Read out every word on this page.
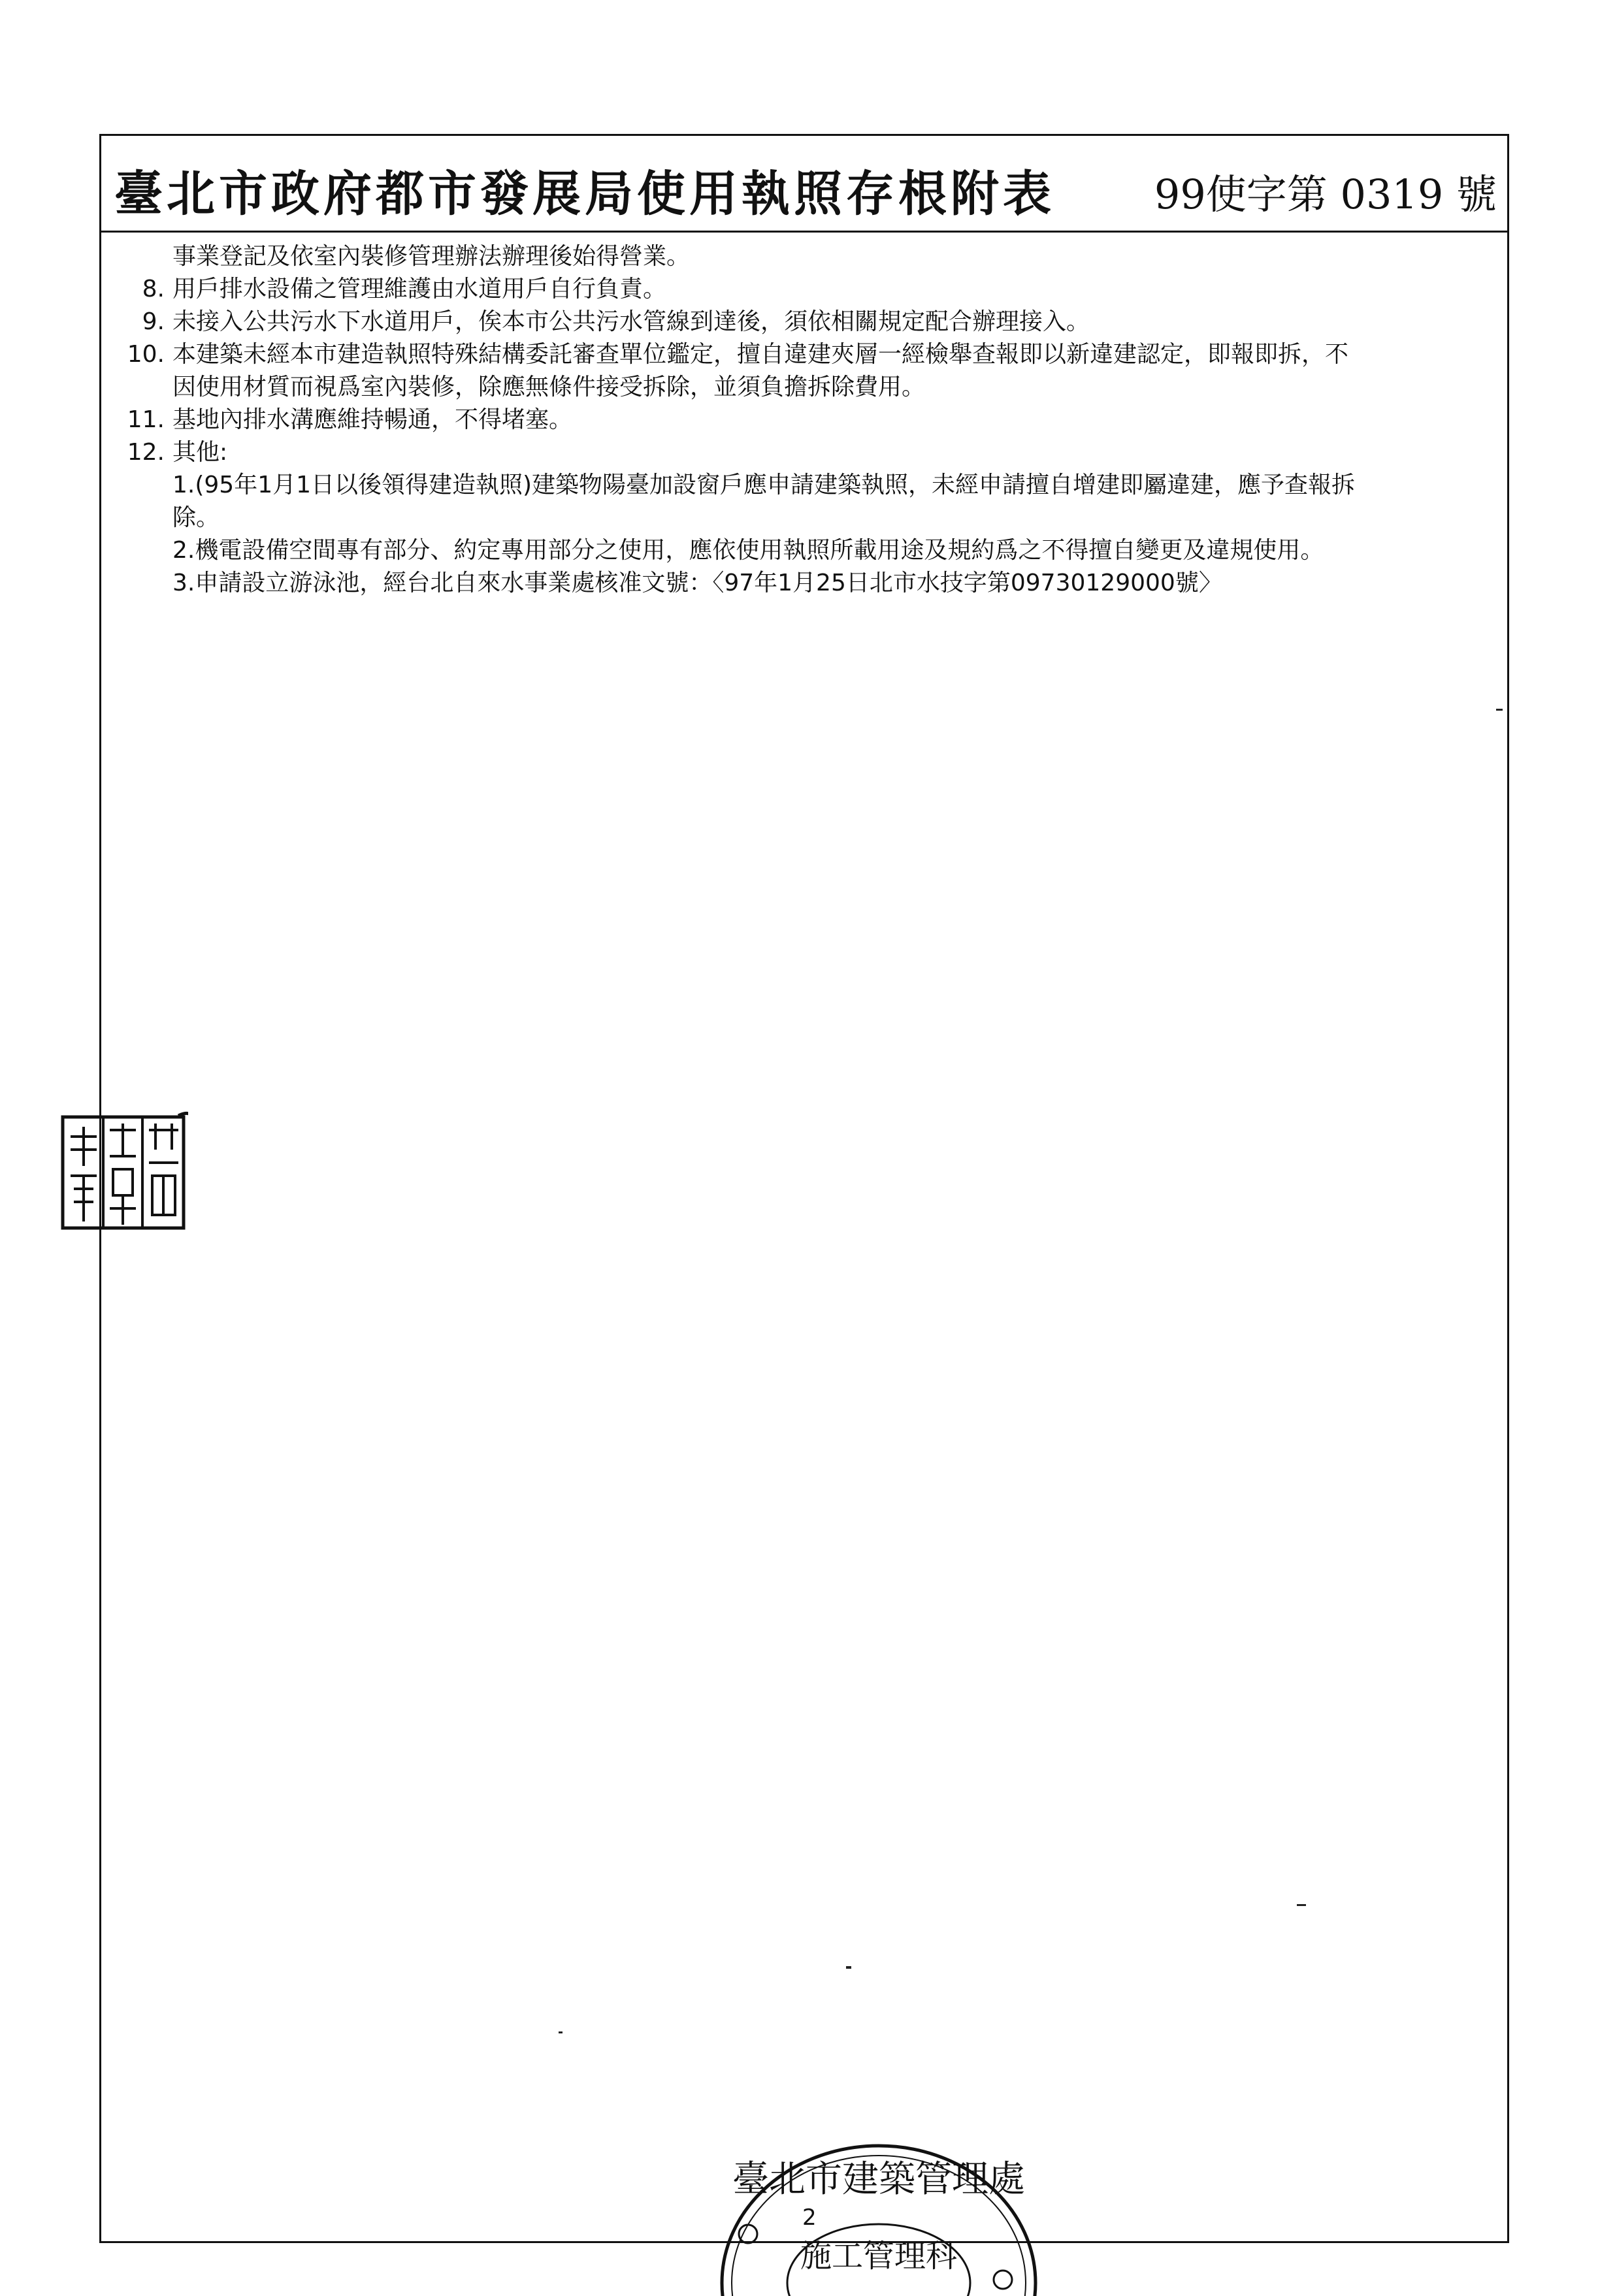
臺北市政府都市發展局使用執照存根附表 99使字第 0319 號
事業登記及依室內裝修管理辦法辦理後始得營業。
8. 用戶排水設備之管理維護由水道用戶自行負責。
9. 未接入公共污水下水道用戶，俟本市公共污水管線到達後，須依相關規定配合辦理接入。
10. 本建築未經本市建造執照特殊結構委託審查單位鑑定，擅自違建夾層一經檢舉查報即以新違建認定，即報即拆，不
因使用材質而視爲室內裝修，除應無條件接受拆除，並須負擔拆除費用。
11. 基地內排水溝應維持暢通，不得堵塞。
12. 其他:
1.(95年1月1日以後領得建造執照)建築物陽臺加設窗戶應申請建築執照，未經申請擅自增建即屬違建，應予查報拆
除。
2.機電設備空間專有部分、約定專用部分之使用，應依使用執照所載用途及規約爲之不得擅自變更及違規使用。
3.申請設立游泳池，經台北自來水事業處核准文號：〈97年1月25日北市水技字第09730129000號〉
臺北市建築管理處
施工管理科
2
